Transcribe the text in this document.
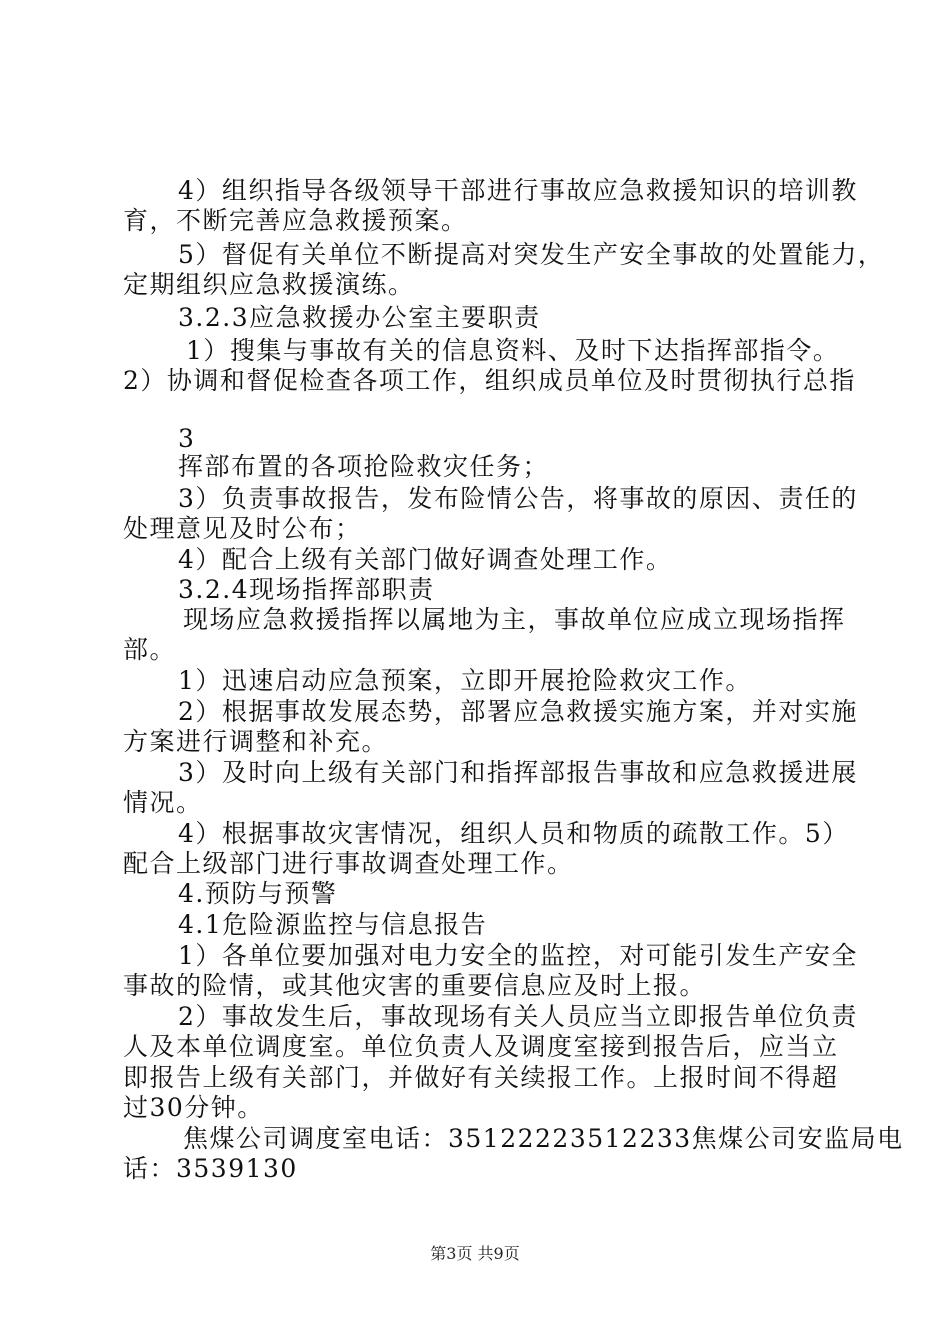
4）组织指导各级领导干部进行事故应急救援知识的培训教
育，不断完善应急救援预案。
5）督促有关单位不断提高对突发生产安全事故的处置能力，
定期组织应急救援演练。
3.2.3应急救援办公室主要职责
1）搜集与事故有关的信息资料、及时下达指挥部指令。
2）协调和督促检查各项工作，组织成员单位及时贯彻执行总指
3
挥部布置的各项抢险救灾任务；
3）负责事故报告，发布险情公告，将事故的原因、责任的
处理意见及时公布；
4）配合上级有关部门做好调查处理工作。
3.2.4现场指挥部职责
现场应急救援指挥以属地为主，事故单位应成立现场指挥
部。
1）迅速启动应急预案，立即开展抢险救灾工作。
2）根据事故发展态势，部署应急救援实施方案，并对实施
方案进行调整和补充。
3）及时向上级有关部门和指挥部报告事故和应急救援进展
情况。
4）根据事故灾害情况，组织人员和物质的疏散工作。5）
配合上级部门进行事故调查处理工作。
4.预防与预警
4.1危险源监控与信息报告
1）各单位要加强对电力安全的监控，对可能引发生产安全
事故的险情，或其他灾害的重要信息应及时上报。
2）事故发生后，事故现场有关人员应当立即报告单位负责
人及本单位调度室。单位负责人及调度室接到报告后，应当立
即报告上级有关部门，并做好有关续报工作。上报时间不得超
过30分钟。
焦煤公司调度室电话：35122223512233焦煤公司安监局电
话：3539130
第3页 共9页
